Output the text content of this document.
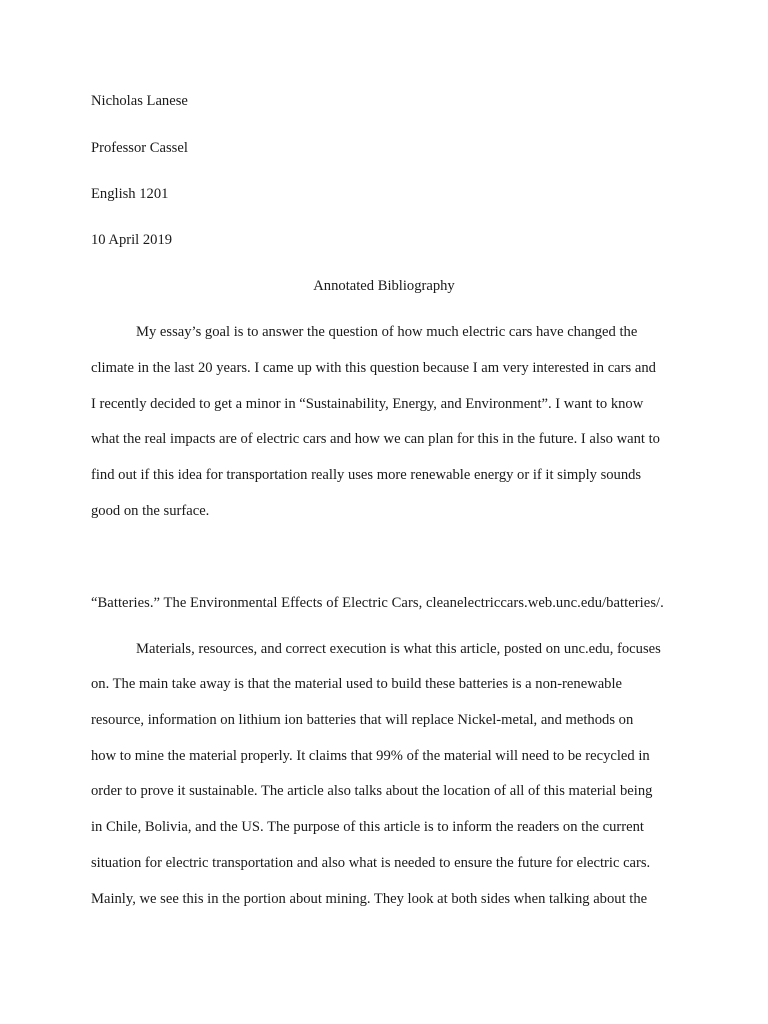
Nicholas Lanese

Professor Cassel

English 1201

10 April 2019

Annotated Bibliography

My essay’s goal is to answer the question of how much electric cars have changed the

climate in the last 20 years. I came up with this question because I am very interested in cars and

I recently decided to get a minor in “Sustainability, Energy, and Environment”. I want to know

what the real impacts are of electric cars and how we can plan for this in the future. I also want to

find out if this idea for transportation really uses more renewable energy or if it simply sounds

good on the surface.

“Batteries.” The Environmental Effects of Electric Cars, cleanelectriccars.web.unc.edu/batteries/.

Materials, resources, and correct execution is what this article, posted on unc.edu, focuses

on. The main take away is that the material used to build these batteries is a non-renewable

resource, information on lithium ion batteries that will replace Nickel-metal, and methods on

how to mine the material properly. It claims that 99% of the material will need to be recycled in

order to prove it sustainable. The article also talks about the location of all of this material being

in Chile, Bolivia, and the US. The purpose of this article is to inform the readers on the current

situation for electric transportation and also what is needed to ensure the future for electric cars.

Mainly, we see this in the portion about mining. They look at both sides when talking about the
